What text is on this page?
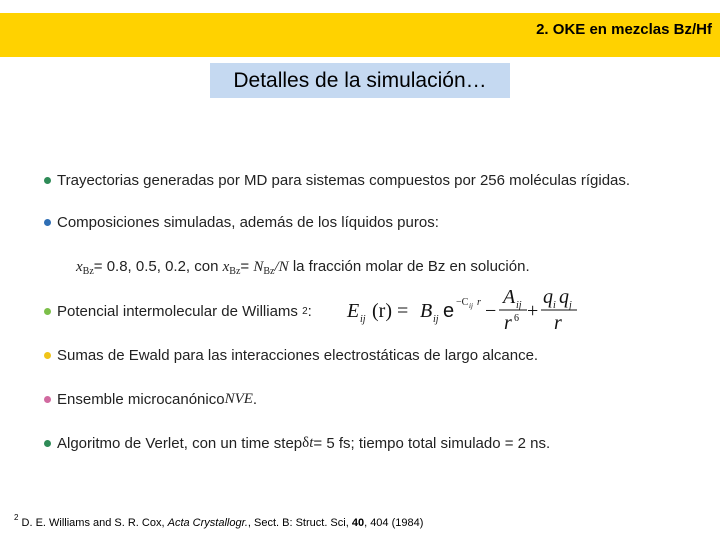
2. OKE en mezclas Bz/Hf
Detalles de la simulación…
Trayectorias generadas por MD para sistemas compuestos por 256 moléculas rígidas.
Composiciones simuladas, además de los líquidos puros:
$x_{Bz}= 0.8$, 0.5, 0.2, con $x_{Bz}= N_{Bz}/N$ la fracción molar de Bz en solución.
Potencial intermolecular de Williams
2 : E ij (r) = B ij e −C ij r −
A ij
r 6 +
q i q j
r
Sumas de Ewald para las interacciones electrostáticas de largo alcance.
Ensemble microcanónico NVE .
Algoritmo de Verlet, con un time step δ t = 5 fs; tiempo total simulado = 2 ns.
$^2$ D. E. Williams and S. R. Cox, Acta Crystallogr., Sect. B: Struct. Sci, 40, 404 (1984)
